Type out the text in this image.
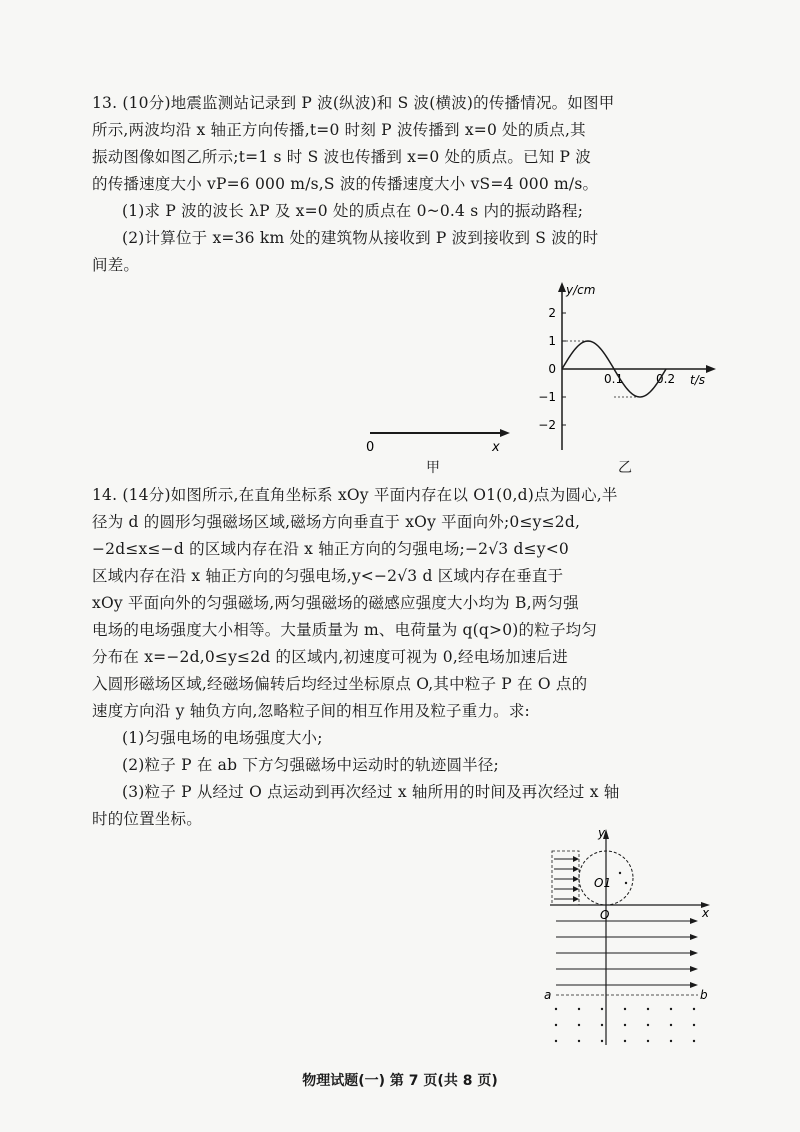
13. (10分)地震监测站记录到 P 波(纵波)和 S 波(横波)的传播情况。如图甲
所示,两波均沿 x 轴正方向传播,t=0 时刻 P 波传播到 x=0 处的质点,其
振动图像如图乙所示;t=1 s 时 S 波也传播到 x=0 处的质点。已知 P 波
的传播速度大小 vP=6 000 m/s,S 波的传播速度大小 vS=4 000 m/s。
(1)求 P 波的波长 λP 及 x=0 处的质点在 0~0.4 s 内的振动路程;
(2)计算位于 x=36 km 处的建筑物从接收到 P 波到接收到 S 波的时
间差。
0	x
甲
y/cm
t/s
2
1
0
−1
−2
0.1	0.2
乙
14. (14分)如图所示,在直角坐标系 xOy 平面内存在以 O1(0,d)点为圆心,半
径为 d 的圆形匀强磁场区域,磁场方向垂直于 xOy 平面向外;0≤y≤2d,
−2d≤x≤−d 的区域内存在沿 x 轴正方向的匀强电场;−2√3 d≤y<0
区域内存在沿 x 轴正方向的匀强电场,y<−2√3 d 区域内存在垂直于
xOy 平面向外的匀强磁场,两匀强磁场的磁感应强度大小均为 B,两匀强
电场的电场强度大小相等。大量质量为 m、电荷量为 q(q>0)的粒子均匀
分布在 x=−2d,0≤y≤2d 的区域内,初速度可视为 0,经电场加速后进
入圆形磁场区域,经磁场偏转后均经过坐标原点 O,其中粒子 P 在 O 点的
速度方向沿 y 轴负方向,忽略粒子间的相互作用及粒子重力。求:
(1)匀强电场的电场强度大小;
(2)粒子 P 在 ab 下方匀强磁场中运动时的轨迹圆半径;
(3)粒子 P 从经过 O 点运动到再次经过 x 轴所用的时间及再次经过 x 轴
时的位置坐标。
y
x
O1
O
a	b
物理试题(一) 第 7 页(共 8 页)
